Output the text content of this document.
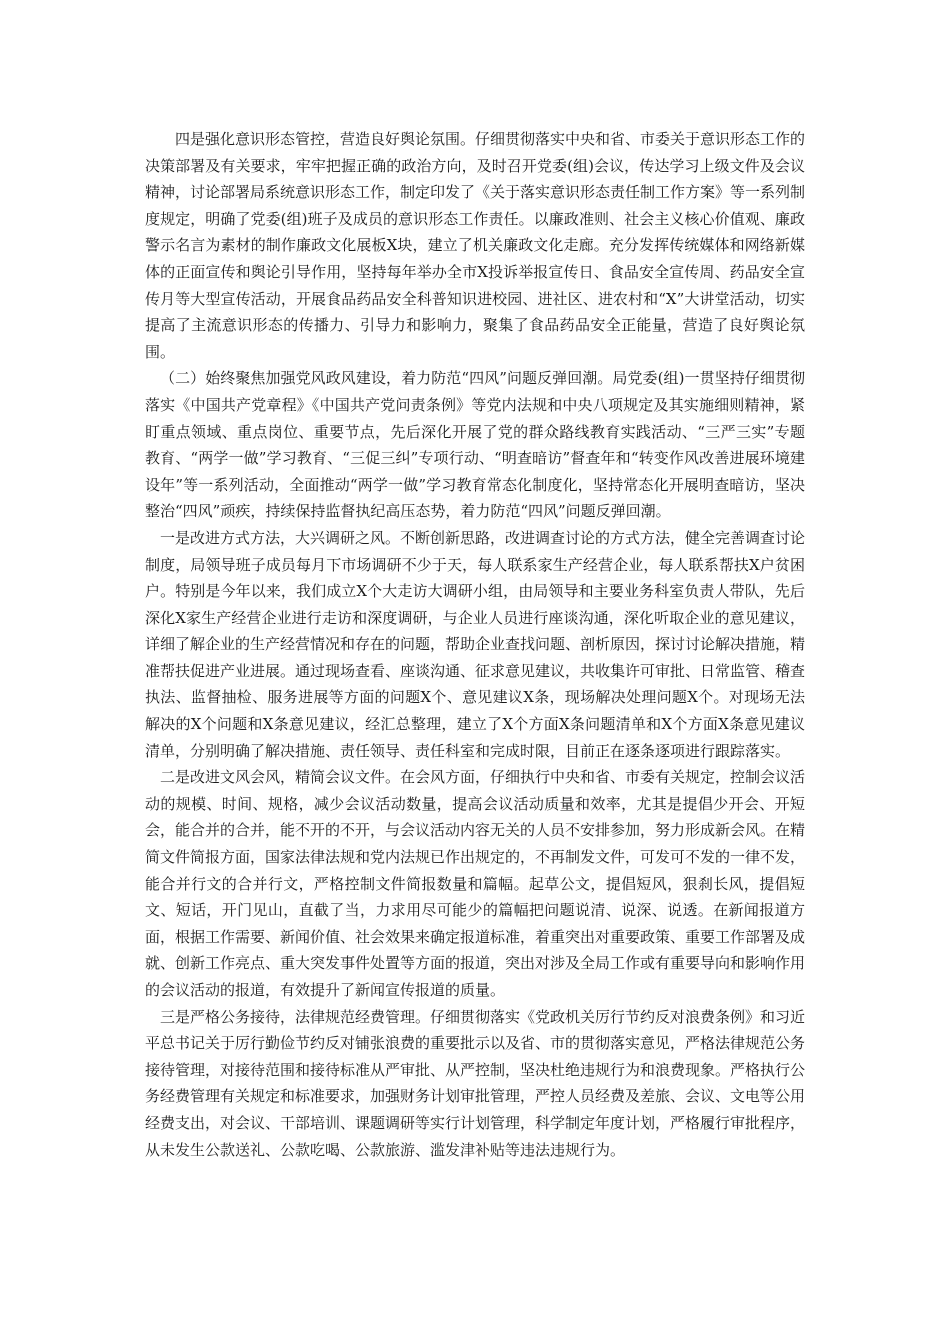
四是强化意识形态管控，营造良好舆论氛围。仔细贯彻落实中央和省、市委关于意识形态工作的决策部署及有关要求，牢牢把握正确的政治方向，及时召开党委(组)会议，传达学习上级文件及会议精神，讨论部署局系统意识形态工作，制定印发了《关于落实意识形态责任制工作方案》等一系列制度规定，明确了党委(组)班子及成员的意识形态工作责任。以廉政准则、社会主义核心价值观、廉政警示名言为素材的制作廉政文化展板X块，建立了机关廉政文化走廊。充分发挥传统媒体和网络新媒体的正面宣传和舆论引导作用，坚持每年举办全市X投诉举报宣传日、食品安全宣传周、药品安全宣传月等大型宣传活动，开展食品药品安全科普知识进校园、进社区、进农村和“X”大讲堂活动，切实提高了主流意识形态的传播力、引导力和影响力，聚集了食品药品安全正能量，营造了良好舆论氛围。

（二）始终聚焦加强党风政风建设，着力防范“四风”问题反弹回潮。局党委(组)一贯坚持仔细贯彻落实《中国共产党章程》《中国共产党问责条例》等党内法规和中央八项规定及其实施细则精神，紧盯重点领域、重点岗位、重要节点，先后深化开展了党的群众路线教育实践活动、“三严三实”专题教育、“两学一做”学习教育、“三促三纠”专项行动、“明查暗访”督查年和“转变作风改善进展环境建设年”等一系列活动，全面推动“两学一做”学习教育常态化制度化，坚持常态化开展明查暗访，坚决整治“四风”顽疾，持续保持监督执纪高压态势，着力防范“四风”问题反弹回潮。

一是改进方式方法，大兴调研之风。不断创新思路，改进调查讨论的方式方法，健全完善调查讨论制度，局领导班子成员每月下市场调研不少于天，每人联系家生产经营企业，每人联系帮扶X户贫困户。特别是今年以来，我们成立X个大走访大调研小组，由局领导和主要业务科室负责人带队，先后深化X家生产经营企业进行走访和深度调研，与企业人员进行座谈沟通，深化听取企业的意见建议，详细了解企业的生产经营情况和存在的问题，帮助企业查找问题、剖析原因，探讨讨论解决措施，精准帮扶促进产业进展。通过现场查看、座谈沟通、征求意见建议，共收集许可审批、日常监管、稽查执法、监督抽检、服务进展等方面的问题X个、意见建议X条，现场解决处理问题X个。对现场无法解决的X个问题和X条意见建议，经汇总整理，建立了X个方面X条问题清单和X个方面X条意见建议清单，分别明确了解决措施、责任领导、责任科室和完成时限，目前正在逐条逐项进行跟踪落实。

二是改进文风会风，精简会议文件。在会风方面，仔细执行中央和省、市委有关规定，控制会议活动的规模、时间、规格，减少会议活动数量，提高会议活动质量和效率，尤其是提倡少开会、开短会，能合并的合并，能不开的不开，与会议活动内容无关的人员不安排参加，努力形成新会风。在精简文件简报方面，国家法律法规和党内法规已作出规定的，不再制发文件，可发可不发的一律不发，能合并行文的合并行文，严格控制文件简报数量和篇幅。起草公文，提倡短风，狠刹长风，提倡短文、短话，开门见山，直截了当，力求用尽可能少的篇幅把问题说清、说深、说透。在新闻报道方面，根据工作需要、新闻价值、社会效果来确定报道标准，着重突出对重要政策、重要工作部署及成就、创新工作亮点、重大突发事件处置等方面的报道，突出对涉及全局工作或有重要导向和影响作用的会议活动的报道，有效提升了新闻宣传报道的质量。

三是严格公务接待，法律规范经费管理。仔细贯彻落实《党政机关厉行节约反对浪费条例》和习近平总书记关于厉行勤俭节约反对铺张浪费的重要批示以及省、市的贯彻落实意见，严格法律规范公务接待管理，对接待范围和接待标准从严审批、从严控制，坚决杜绝违规行为和浪费现象。严格执行公务经费管理有关规定和标准要求，加强财务计划审批管理，严控人员经费及差旅、会议、文电等公用经费支出，对会议、干部培训、课题调研等实行计划管理，科学制定年度计划，严格履行审批程序，从未发生公款送礼、公款吃喝、公款旅游、滥发津补贴等违法违规行为。
